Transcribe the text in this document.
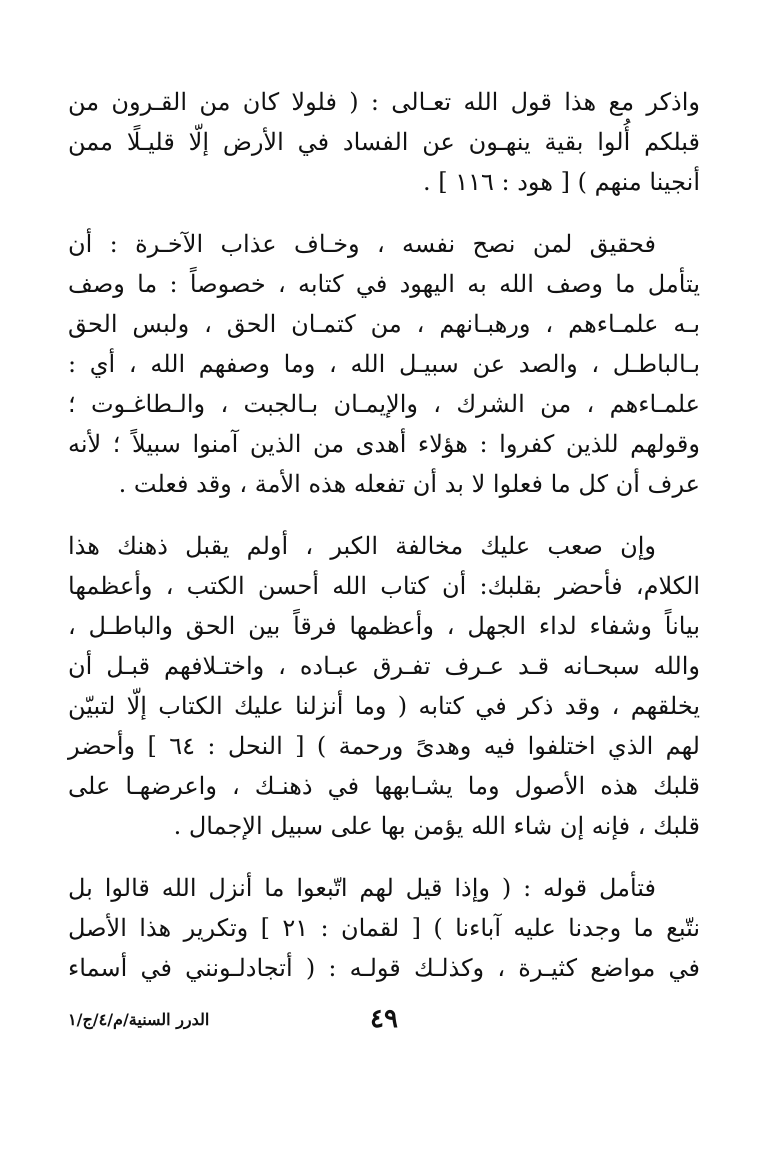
واذكر مع هذا قول الله تعـالى : ( فلولا كان من القـرون من
قبلكم أُلوا بقية ينهـون عن الفساد في الأرض إلّا قليـلًا ممن
أنجينا منهم ) [ هود : ١١٦ ] .

فحقيق لمن نصح نفسه ، وخـاف عذاب الآخـرة : أن
يتأمل ما وصف الله به اليهود في كتابه ، خصوصاً : ما وصف
بـه علمـاءهم ، ورهبـانهم ، من كتمـان الحق ، ولبس الحق
بـالباطـل ، والصد عن سبيـل الله ، وما وصفهم الله ، أي :
علمـاءهم ، من الشرك ، والإيمـان بـالجبت ، والـطاغـوت ؛
وقولهم للذين كفروا : هؤلاء أهدى من الذين آمنوا سبيلاً ؛ لأنه
عرف أن كل ما فعلوا لا بد أن تفعله هذه الأمة ، وقد فعلت .

وإن صعب عليك مخالفة الكبر ، أولم يقبل ذهنك هذا
الكلام، فأحضر بقلبك: أن كتاب الله أحسن الكتب ، وأعظمها
بياناً وشفاء لداء الجهل ، وأعظمها فرقاً بين الحق والباطـل ،
والله سبحـانه قـد عـرف تفـرق عبـاده ، واختـلافهم قبـل أن
يخلقهم ، وقد ذكر في كتابه ( وما أنزلنا عليك الكتاب إلّا لتبيّن
لهم الذي اختلفوا فيه وهدىً ورحمة ) [ النحل : ٦٤ ] وأحضر
قلبك هذه الأصول وما يشـابهها في ذهنـك ، واعرضهـا على
قلبك ، فإنه إن شاء الله يؤمن بها على سبيل الإجمال .

فتأمل قوله : ( وإذا قيل لهم اتّبعوا ما أنزل الله قالوا بل
نتّبع ما وجدنا عليه آباءنا ) [ لقمان : ٢١ ] وتكرير هذا الأصل
في مواضع كثيـرة ، وكذلـك قولـه : ( أتجادلـونني في أسماء

٤٩
الدرر السنية/م/٤/ج/١
